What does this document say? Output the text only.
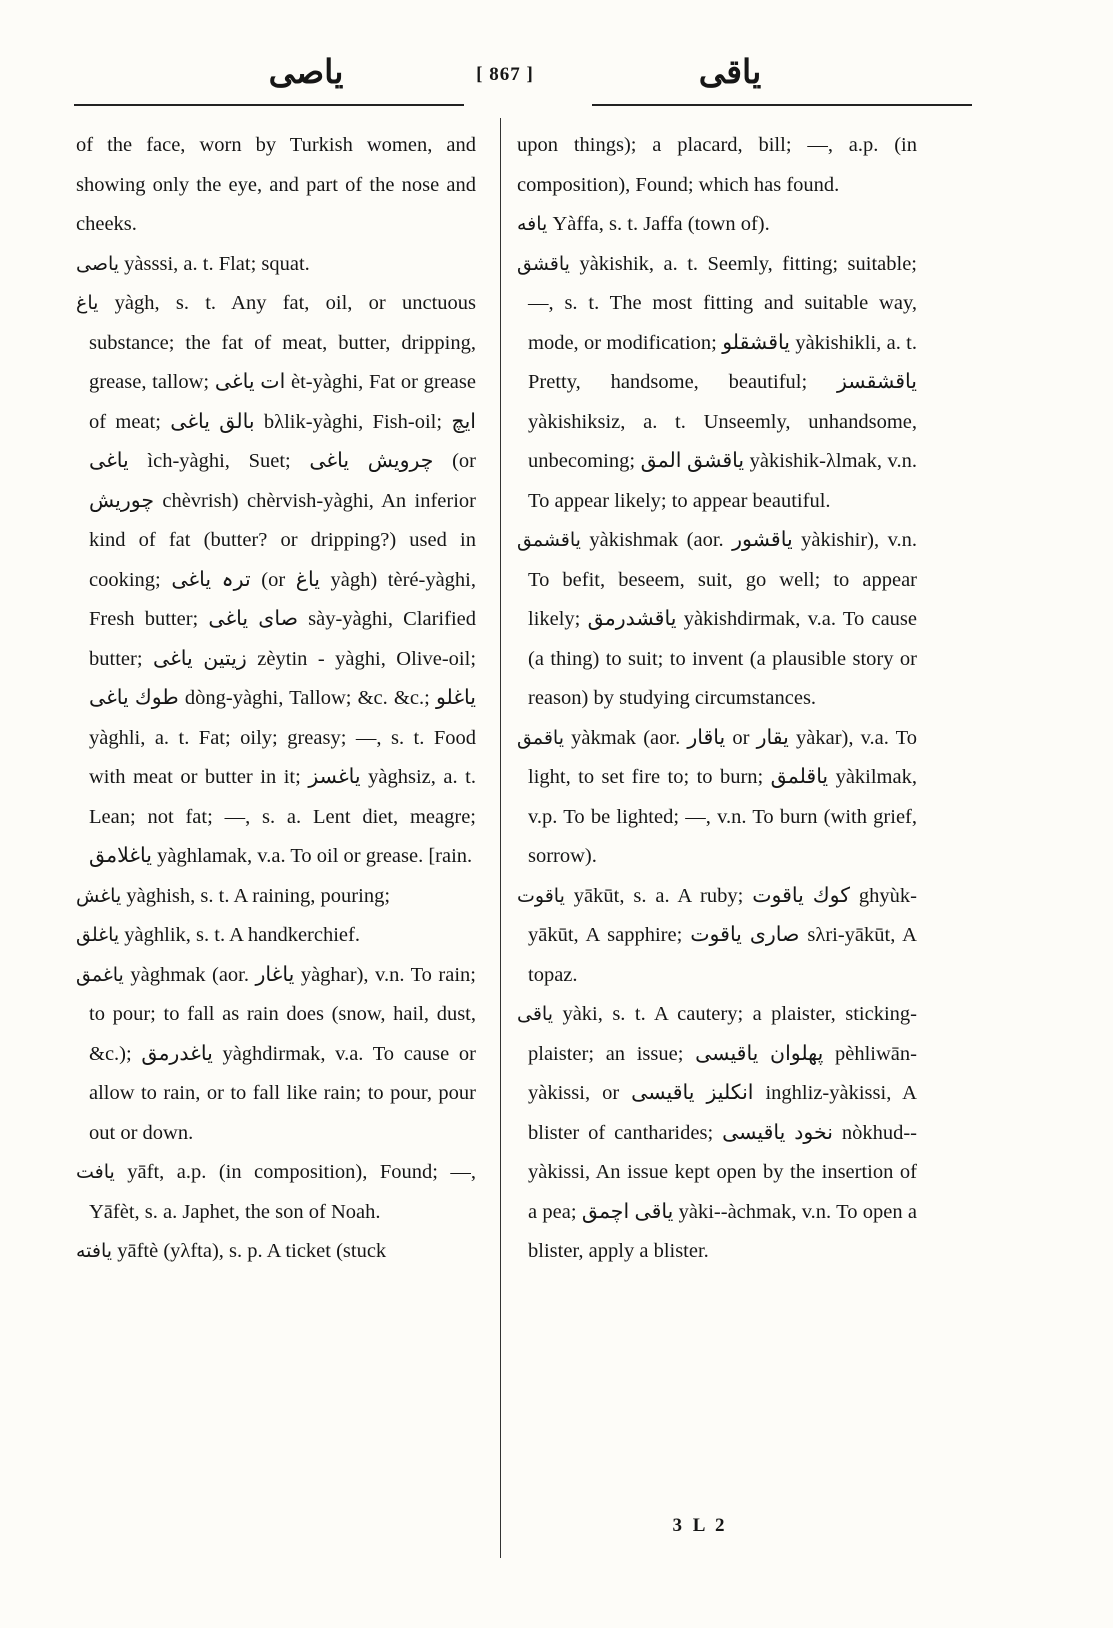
ياصى	[ 867 ]	ياقى

of the face, worn by Turkish women, and showing only the eye, and part of the nose and cheeks.

ياصى yàsssi, a. t. Flat; squat.

ياغ yàgh, s. t. Any fat, oil, or unctuous substance; the fat of meat, butter, dripping, grease, tallow; ات ياغى èt-yàghi, Fat or grease of meat; بالق ياغى bλlik-yàghi, Fish-oil; ايچ ياغى ìch-yàghi, Suet; چرويش ياغى (or چوريش chèvrish) chèrvish-yàghi, An inferior kind of fat (butter? or dripping?) used in cooking; ترہ ياغى (or ياغ yàgh) tèré-yàghi, Fresh butter; صاى ياغى sày-yàghi, Clarified butter; زيتين ياغى zèytin - yàghi, Olive-oil; طوك ياغى dòng-yàghi, Tallow; &c. &c.; ياغلو yàghli, a. t. Fat; oily; greasy; —, s. t. Food with meat or butter in it; ياغسز yàghsiz, a. t. Lean; not fat; —, s. a. Lent diet, meagre; ياغلامق yàghlamak, v.a. To oil or grease. [rain.

ياغش yàghish, s. t. A raining, pouring;

ياغلق yàghlik, s. t. A handkerchief.

ياغمق yàghmak (aor. ياغار yàghar), v.n. To rain; to pour; to fall as rain does (snow, hail, dust, &c.); ياغدرمق yàghdirmak, v.a. To cause or allow to rain, or to fall like rain; to pour, pour out or down.

يافت yāft, a.p. (in composition), Found; —, Yāfèt, s. a. Japhet, the son of Noah.

يافته yāftè (yλfta), s. p. A ticket (stuck

upon things); a placard, bill; —, a.p. (in composition), Found; which has found.

يافه Yàffa, s. t. Jaffa (town of).

ياقشق yàkishik, a. t. Seemly, fitting; suitable; —, s. t. The most fitting and suitable way, mode, or modification; ياقشقلو yàkishikli, a. t. Pretty, handsome, beautiful; ياقشقسز yàkishiksiz, a. t. Unseemly, unhandsome, unbecoming; ياقشق المق yàkishik-λlmak, v.n. To appear likely; to appear beautiful.

ياقشمق yàkishmak (aor. ياقشور yàkishir), v.n. To befit, beseem, suit, go well; to appear likely; ياقشدرمق yàkishdirmak, v.a. To cause (a thing) to suit; to invent (a plausible story or reason) by studying circumstances.

ياقمق yàkmak (aor. ياقار or يقار yàkar), v.a. To light, to set fire to; to burn; ياقلمق yàkilmak, v.p. To be lighted; —, v.n. To burn (with grief, sorrow).

ياقوت yākūt, s. a. A ruby; كوك ياقوت ghyùk-yākūt, A sapphire; صارى ياقوت sλri-yākūt, A topaz.

ياقى yàki, s. t. A cautery; a plaister, sticking-plaister; an issue; پهلوان ياقيسى pèhliwān-yàkissi, or انكليز ياقيسى inghliz-yàkissi, A blister of cantharides; نخود ياقيسى nòkhud--yàkissi, An issue kept open by the insertion of a pea; ياقى اچمق yàki--àchmak, v.n. To open a blister, apply a blister.

3 L 2
